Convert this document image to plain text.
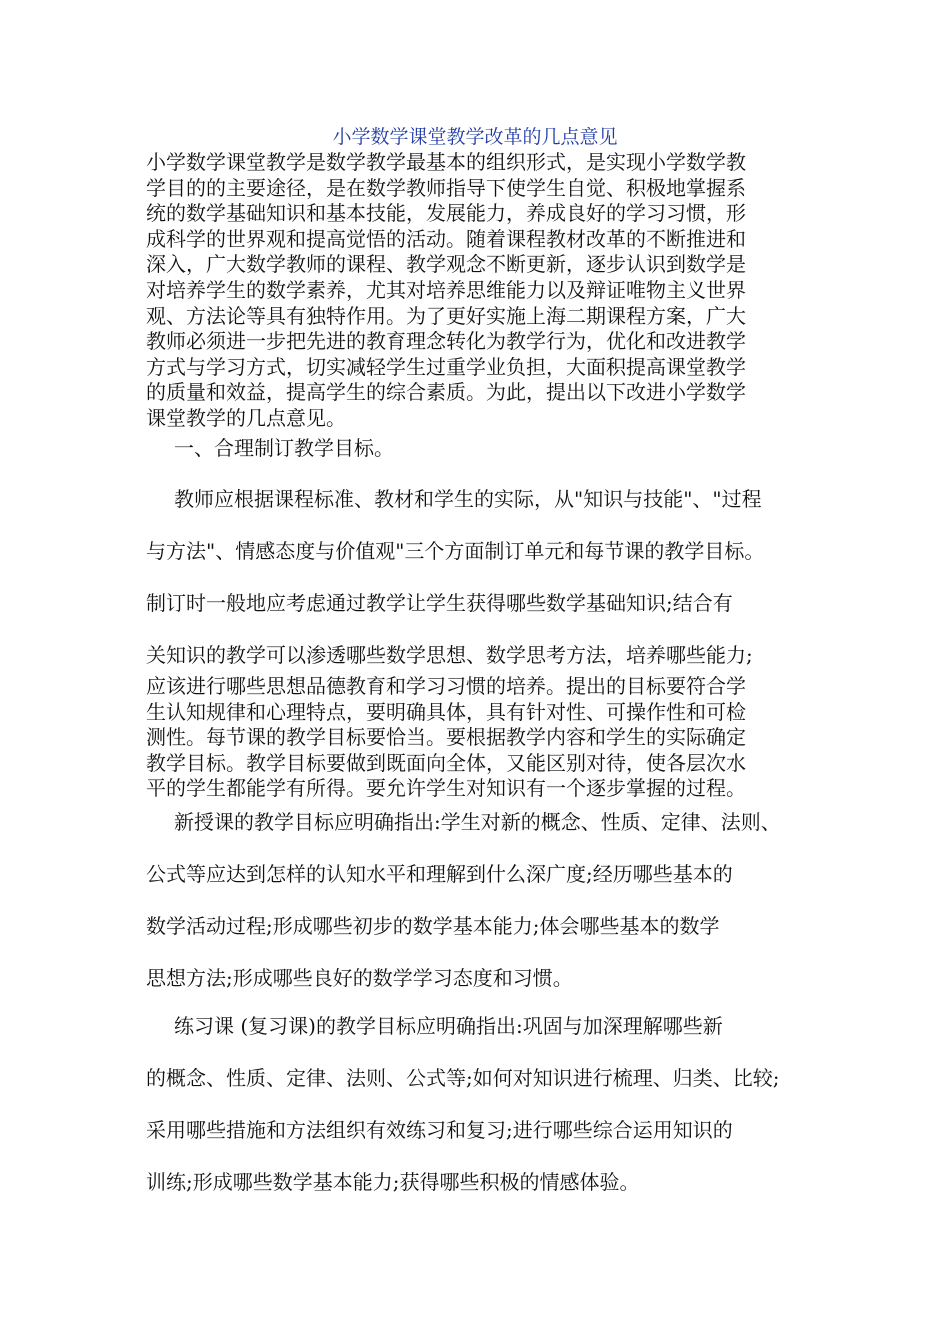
小学数学课堂教学改革的几点意见
小学数学课堂教学是数学教学最基本的组织形式，是实现小学数学教
学目的的主要途径，是在数学教师指导下使学生自觉、积极地掌握系
统的数学基础知识和基本技能，发展能力，养成良好的学习习惯，形
成科学的世界观和提高觉悟的活动。随着课程教材改革的不断推进和
深入，广大数学教师的课程、教学观念不断更新，逐步认识到数学是
对培养学生的数学素养，尤其对培养思维能力以及辩证唯物主义世界
观、方法论等具有独特作用。为了更好实施上海二期课程方案，广大
教师必须进一步把先进的教育理念转化为教学行为，优化和改进教学
方式与学习方式，切实减轻学生过重学业负担，大面积提高课堂教学
的质量和效益，提高学生的综合素质。为此，提出以下改进小学数学
课堂教学的几点意见。
一、合理制订教学目标。
教师应根据课程标准、教材和学生的实际，从"知识与技能"、"过程
与方法"、情感态度与价值观"三个方面制订单元和每节课的教学目标。
制订时一般地应考虑通过教学让学生获得哪些数学基础知识;结合有
关知识的教学可以渗透哪些数学思想、数学思考方法，培养哪些能力;
应该进行哪些思想品德教育和学习习惯的培养。提出的目标要符合学
生认知规律和心理特点，要明确具体，具有针对性、可操作性和可检
测性。每节课的教学目标要恰当。要根据教学内容和学生的实际确定
教学目标。教学目标要做到既面向全体，又能区别对待，使各层次水
平的学生都能学有所得。要允许学生对知识有一个逐步掌握的过程。
新授课的教学目标应明确指出:学生对新的概念、性质、定律、法则、
公式等应达到怎样的认知水平和理解到什么深广度;经历哪些基本的
数学活动过程;形成哪些初步的数学基本能力;体会哪些基本的数学
思想方法;形成哪些良好的数学学习态度和习惯。
练习课 (复习课)的教学目标应明确指出:巩固与加深理解哪些新
的概念、性质、定律、法则、公式等;如何对知识进行梳理、归类、比较;
采用哪些措施和方法组织有效练习和复习;进行哪些综合运用知识的
训练;形成哪些数学基本能力;获得哪些积极的情感体验。
